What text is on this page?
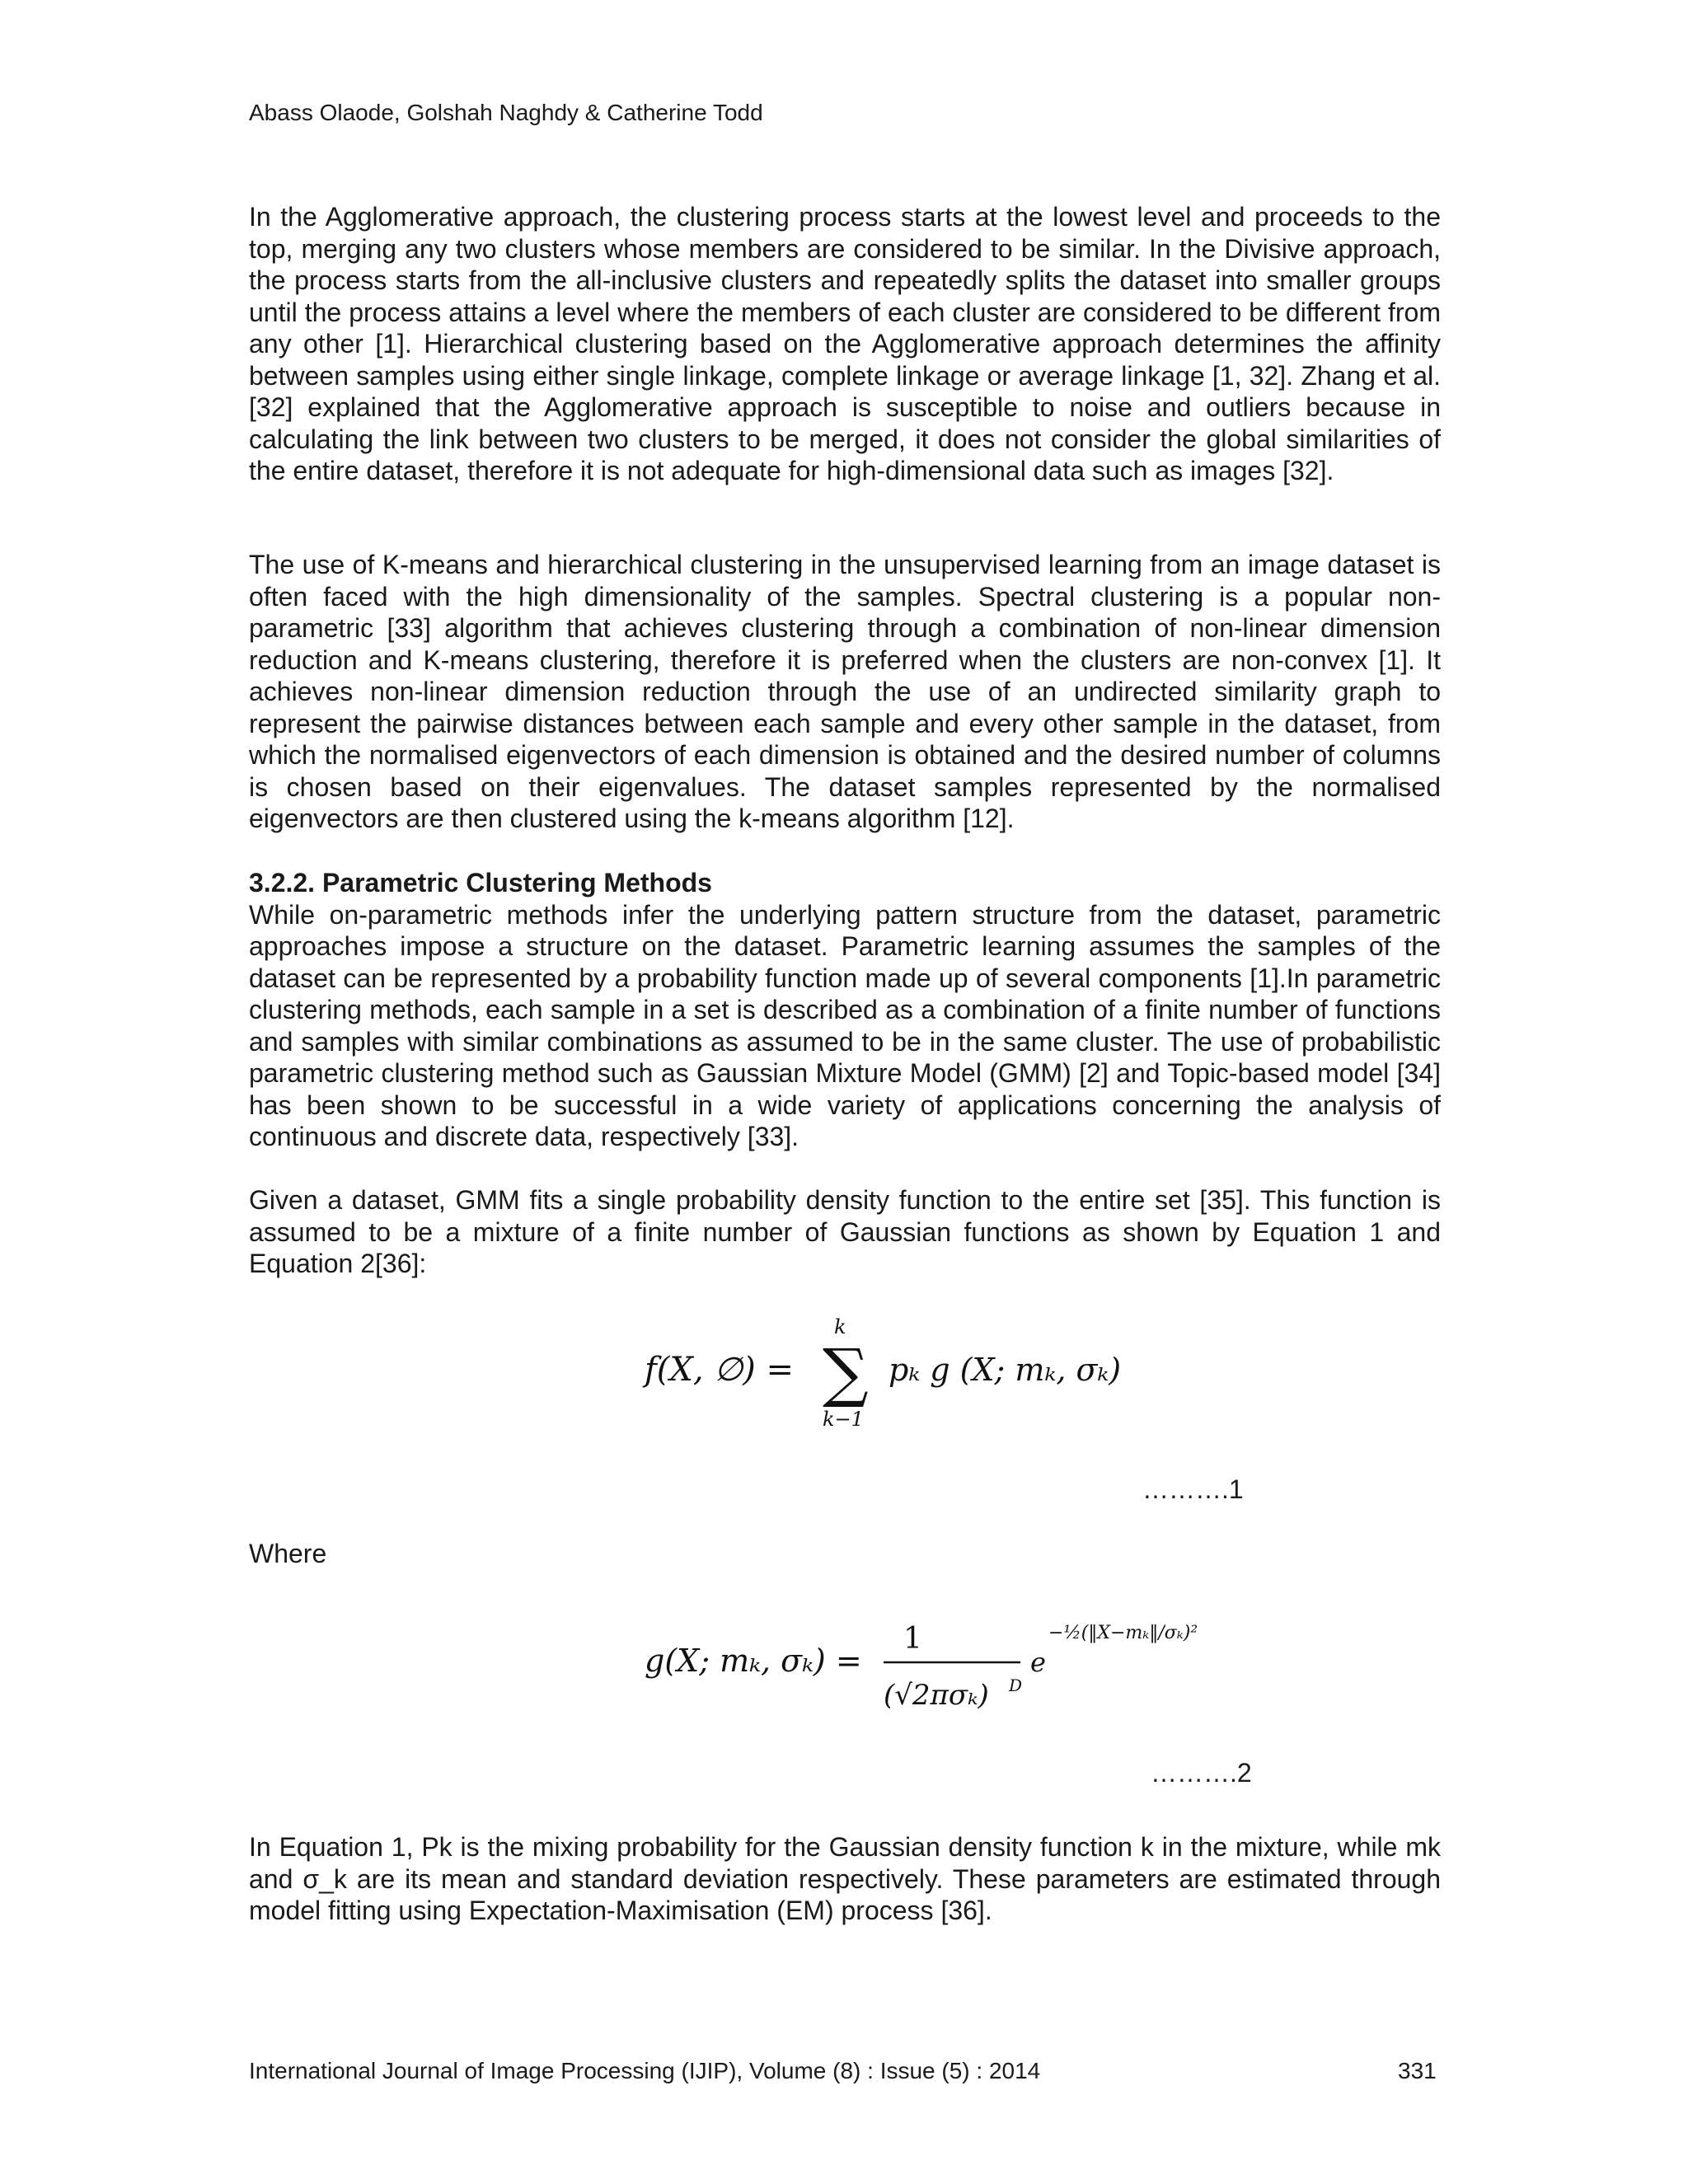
Abass Olaode, Golshah Naghdy & Catherine Todd

In the Agglomerative approach, the clustering process starts at the lowest level and proceeds to the top, merging any two clusters whose members are considered to be similar. In the Divisive approach, the process starts from the all-inclusive clusters and repeatedly splits the dataset into smaller groups until the process attains a level where the members of each cluster are considered to be different from any other [1]. Hierarchical clustering based on the Agglomerative approach determines the affinity between samples using either single linkage, complete linkage or average linkage [1, 32]. Zhang et al. [32] explained that the Agglomerative approach is susceptible to noise and outliers because in calculating the link between two clusters to be merged, it does not consider the global similarities of the entire dataset, therefore it is not adequate for high-dimensional data such as images [32].

The use of K-means and hierarchical clustering in the unsupervised learning from an image dataset is often faced with the high dimensionality of the samples. Spectral clustering is a popular non-parametric [33] algorithm that achieves clustering through a combination of non-linear dimension reduction and K-means clustering, therefore it is preferred when the clusters are non-convex [1]. It achieves non-linear dimension reduction through the use of an undirected similarity graph to represent the pairwise distances between each sample and every other sample in the dataset, from which the normalised eigenvectors of each dimension is obtained and the desired number of columns is chosen based on their eigenvalues. The dataset samples represented by the normalised eigenvectors are then clustered using the k-means algorithm [12].

3.2.2. Parametric Clustering Methods
While on-parametric methods infer the underlying pattern structure from the dataset, parametric approaches impose a structure on the dataset. Parametric learning assumes the samples of the dataset can be represented by a probability function made up of several components [1].In parametric clustering methods, each sample in a set is described as a combination of a finite number of functions and samples with similar combinations as assumed to be in the same cluster. The use of probabilistic parametric clustering method such as Gaussian Mixture Model (GMM) [2] and Topic-based model [34] has been shown to be successful in a wide variety of applications concerning the analysis of continuous and discrete data, respectively [33].

Given a dataset, GMM fits a single probability density function to the entire set [35]. This function is assumed to be a mixture of a finite number of Gaussian functions as shown by Equation 1 and Equation 2[36]:

f(X, ∅) =
k
∑
k−1
pₖ g (X; mₖ, σₖ)
……….1
Where
g(X; mₖ, σₖ) =
1
(√2πσₖ) D
e
−½(‖X−mₖ‖/σₖ)²
……….2

In Equation 1, Pk is the mixing probability for the Gaussian density function k in the mixture, while mk and σ_k are its mean and standard deviation respectively. These parameters are estimated through model fitting using Expectation-Maximisation (EM) process [36].

International Journal of Image Processing (IJIP), Volume (8) : Issue (5) : 2014	331
